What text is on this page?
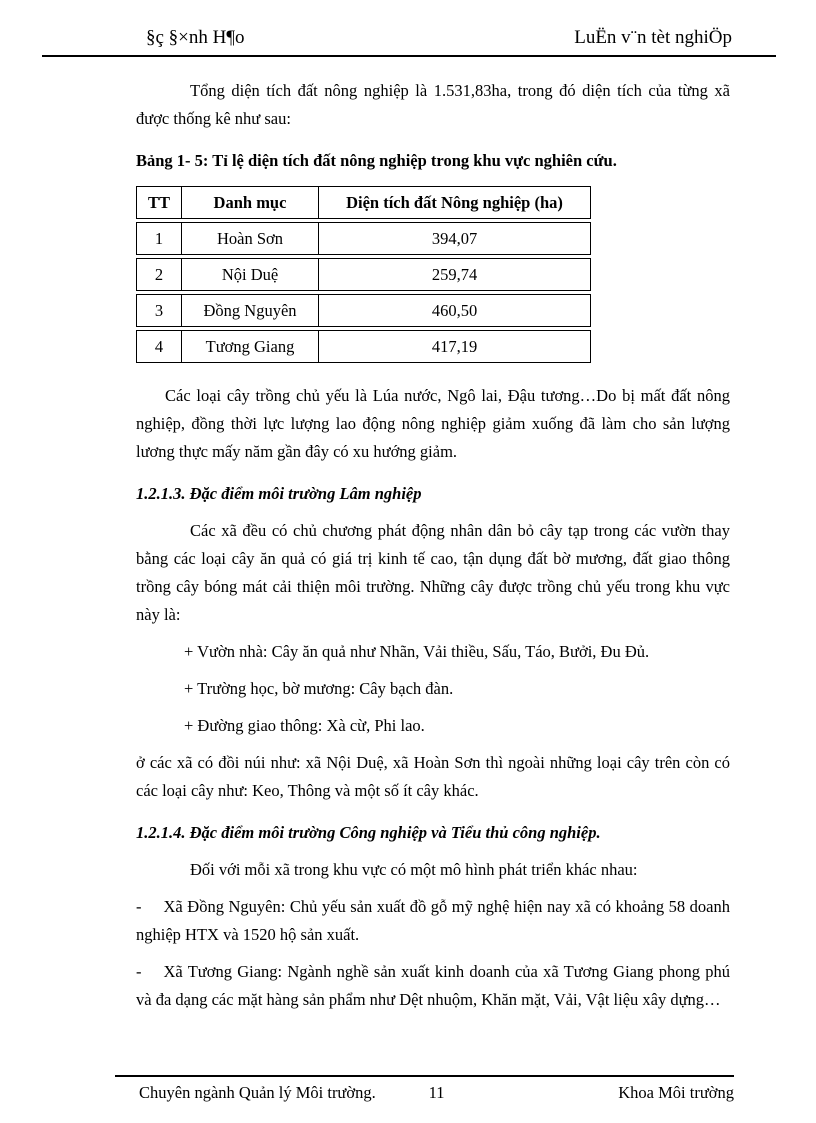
§ç §×nh H¶o	LuËn v¨n tèt nghiÖp

Tổng diện tích đất nông nghiệp là 1.531,83ha, trong đó diện tích của từng xã được thống kê như sau:

Bảng 1- 5: Tỉ lệ diện tích đất nông nghiệp trong khu vực nghiên cứu.

TT	Danh mục	Diện tích đất Nông nghiệp (ha)
1	Hoàn Sơn	394,07
2	Nội Duệ	259,74
3	Đồng Nguyên	460,50
4	Tương Giang	417,19

Các loại cây trồng chủ yếu là Lúa nước, Ngô lai, Đậu tương…Do bị mất đất nông nghiệp, đồng thời lực lượng lao động nông nghiệp giảm xuống đã làm cho sản lượng lương thực mấy năm gần đây có xu hướng giảm.

1.2.1.3. Đặc điểm môi trường Lâm nghiệp

Các xã đều có chủ chương phát động nhân dân bỏ cây tạp trong các vườn thay bằng các loại cây ăn quả có giá trị kinh tế cao, tận dụng đất bờ mương, đất giao thông trồng cây bóng mát cải thiện môi trường. Những cây được trồng chủ yếu trong khu vực này là:

+ Vườn nhà: Cây ăn quả như Nhãn, Vải thiều, Sấu, Táo, Bưởi, Đu Đủ.

+ Trường học, bờ mương: Cây bạch đàn.

+ Đường giao thông: Xà cừ, Phi lao.

ở các xã có đồi núi như: xã Nội Duệ, xã Hoàn Sơn thì ngoài những loại cây trên còn có các loại cây như: Keo, Thông và một số ít cây khác.

1.2.1.4. Đặc điểm môi trường Công nghiệp và Tiểu thủ công nghiệp.

Đối với mỗi xã trong khu vực có một mô hình phát triển khác nhau:

- Xã Đồng Nguyên: Chủ yếu sản xuất đồ gỗ mỹ nghệ hiện nay xã có khoảng 58 doanh nghiệp HTX và 1520 hộ sản xuất.

- Xã Tương Giang: Ngành nghề sản xuất kinh doanh của xã Tương Giang phong phú và đa dạng các mặt hàng sản phẩm như Dệt nhuộm, Khăn mặt, Vải, Vật liệu xây dựng…

Chuyên ngành Quản lý Môi trường.	11	Khoa Môi trường
